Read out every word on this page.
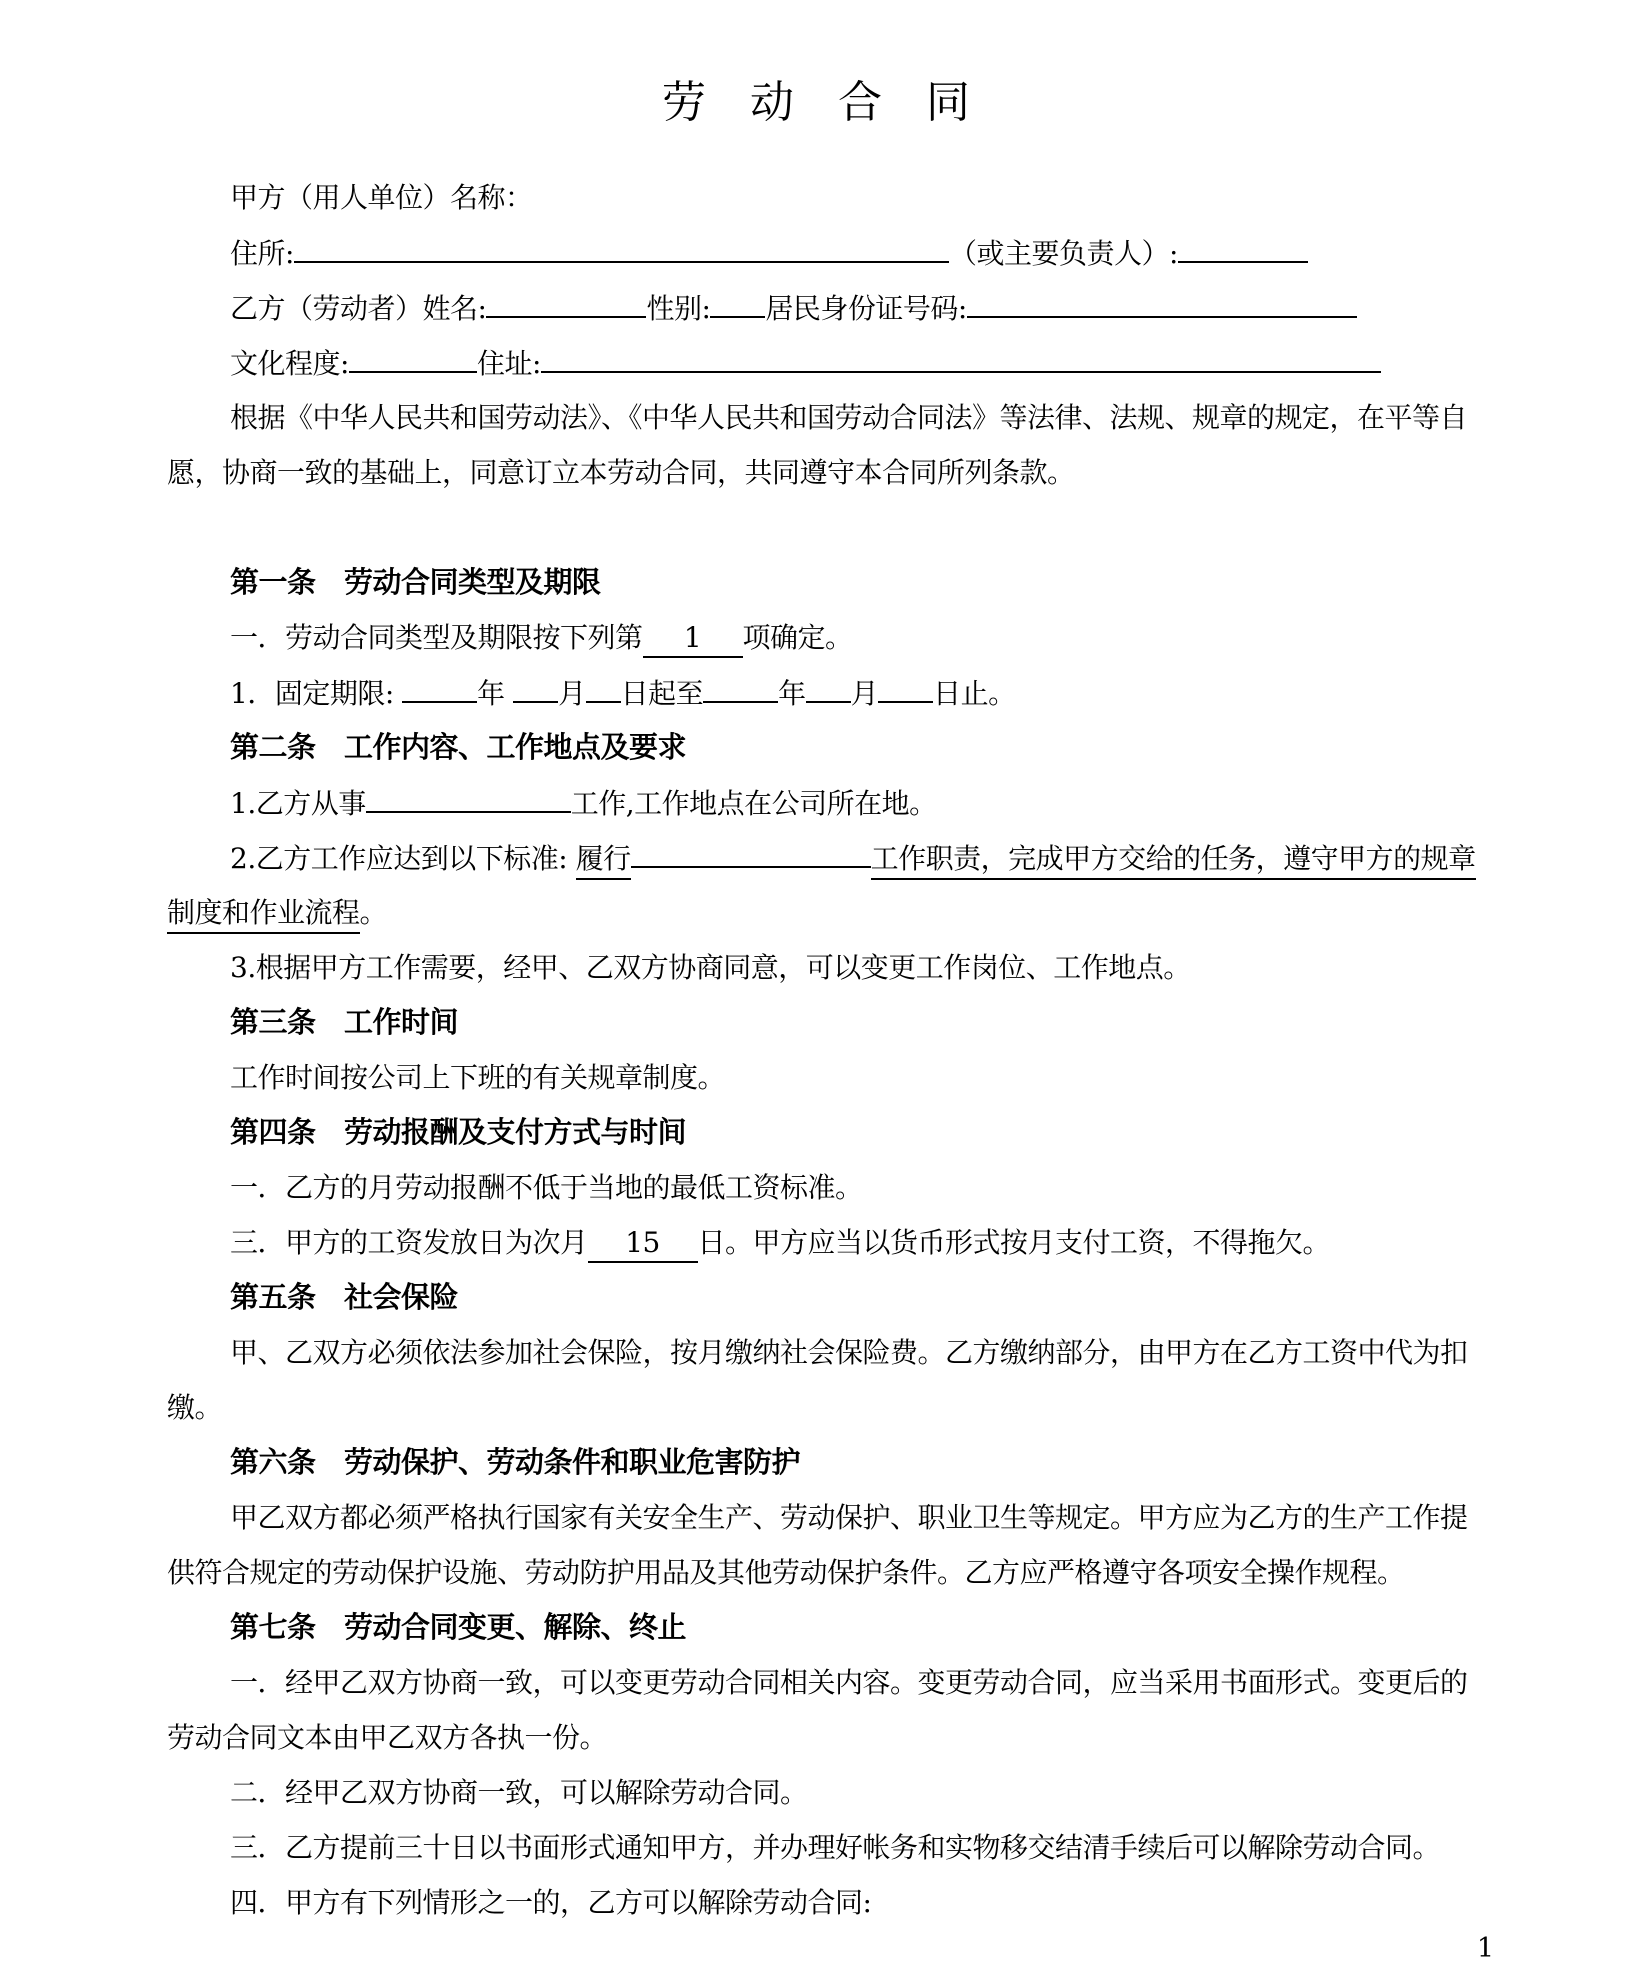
劳　动　合　同
甲方（用人单位）名称：
住所:	（或主要负责人）:
乙方（劳动者）姓名:	性别: 居民身份证号码:
文化程度:	住址:
根据《中华人民共和国劳动法》、《中华人民共和国劳动合同法》等法律、法规、规章的规定，在平等自
愿，协商一致的基础上，同意订立本劳动合同，共同遵守本合同所列条款。
第一条　劳动合同类型及期限
一．劳动合同类型及期限按下列第 1 项确定。
1．固定期限:	年 月 日起至	年 月 日止。
第二条　工作内容、工作地点及要求
1.乙方从事	工作,工作地点在公司所在地。
2.乙方工作应达到以下标准: 履行	工作职责，完成甲方交给的任务，遵守甲方的规章
制度和作业流程。
3.根据甲方工作需要，经甲、乙双方协商同意，可以变更工作岗位、工作地点。
第三条　工作时间
工作时间按公司上下班的有关规章制度。
第四条　劳动报酬及支付方式与时间
一．乙方的月劳动报酬不低于当地的最低工资标准。
三．甲方的工资发放日为次月 15 日。甲方应当以货币形式按月支付工资，不得拖欠。
第五条　社会保险
甲、乙双方必须依法参加社会保险，按月缴纳社会保险费。乙方缴纳部分，由甲方在乙方工资中代为扣
缴。
第六条　劳动保护、劳动条件和职业危害防护
甲乙双方都必须严格执行国家有关安全生产、劳动保护、职业卫生等规定。甲方应为乙方的生产工作提
供符合规定的劳动保护设施、劳动防护用品及其他劳动保护条件。乙方应严格遵守各项安全操作规程。
第七条　劳动合同变更、解除、终止
一．经甲乙双方协商一致，可以变更劳动合同相关内容。变更劳动合同，应当采用书面形式。变更后的
劳动合同文本由甲乙双方各执一份。
二．经甲乙双方协商一致，可以解除劳动合同。
三．乙方提前三十日以书面形式通知甲方，并办理好帐务和实物移交结清手续后可以解除劳动合同。
四．甲方有下列情形之一的，乙方可以解除劳动合同:
1
